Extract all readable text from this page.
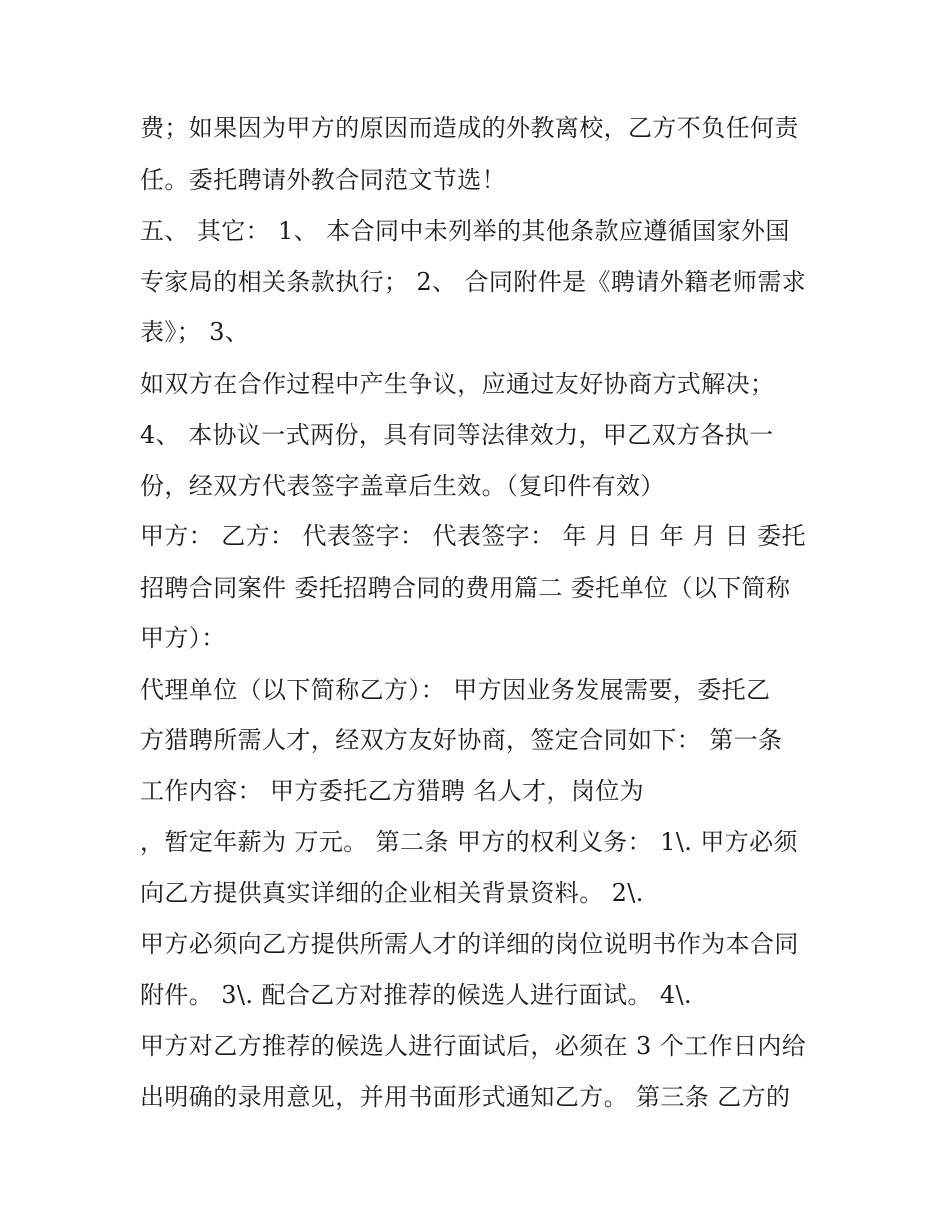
费；如果因为甲方的原因而造成的外教离校，乙方不负任何责
任。委托聘请外教合同范文节选！
五、 其它： 1、 本合同中未列举的其他条款应遵循国家外国
专家局的相关条款执行； 2、 合同附件是《聘请外籍老师需求
表》； 3、
如双方在合作过程中产生争议，应通过友好协商方式解决；
4、 本协议一式两份，具有同等法律效力，甲乙双方各执一
份，经双方代表签字盖章后生效。（复印件有效）
甲方： 乙方： 代表签字： 代表签字： 年 月 日 年 月 日 委托
招聘合同案件 委托招聘合同的费用篇二 委托单位（以下简称
甲方）：
代理单位（以下简称乙方）： 甲方因业务发展需要，委托乙
方猎聘所需人才，经双方友好协商，签定合同如下： 第一条
工作内容： 甲方委托乙方猎聘 名人才，岗位为
，暂定年薪为 万元。 第二条 甲方的权利义务： 1\. 甲方必须
向乙方提供真实详细的企业相关背景资料。 2\.
甲方必须向乙方提供所需人才的详细的岗位说明书作为本合同
附件。 3\. 配合乙方对推荐的候选人进行面试。 4\.
甲方对乙方推荐的候选人进行面试后，必须在 3 个工作日内给
出明确的录用意见，并用书面形式通知乙方。 第三条 乙方的
